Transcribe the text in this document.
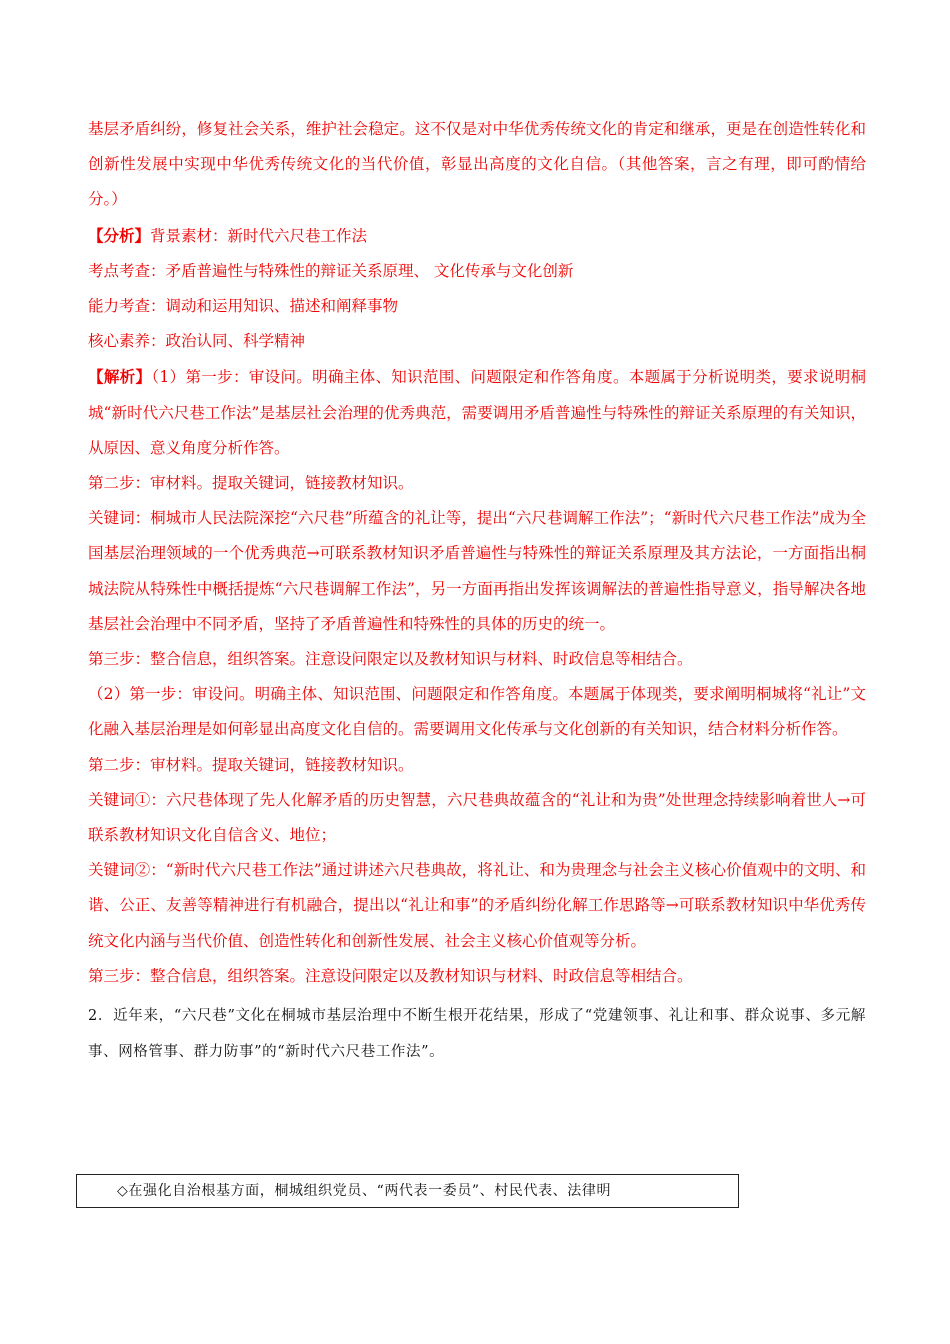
基层矛盾纠纷，修复社会关系，维护社会稳定。这不仅是对中华优秀传统文化的肯定和继承，更是在创造性转化和创新性发展中实现中华优秀传统文化的当代价值，彰显出高度的文化自信。（其他答案，言之有理，即可酌情给分。）

【分析】背景素材：新时代六尺巷工作法

考点考查：矛盾普遍性与特殊性的辩证关系原理、 文化传承与文化创新

能力考查：调动和运用知识、描述和阐释事物

核心素养：政治认同、科学精神

【解析】（1）第一步：审设问。明确主体、知识范围、问题限定和作答角度。本题属于分析说明类，要求说明桐城“新时代六尺巷工作法”是基层社会治理的优秀典范，需要调用矛盾普遍性与特殊性的辩证关系原理的有关知识，从原因、意义角度分析作答。

第二步：审材料。提取关键词，链接教材知识。

关键词：桐城市人民法院深挖“六尺巷”所蕴含的礼让等，提出“六尺巷调解工作法”；“新时代六尺巷工作法”成为全国基层治理领域的一个优秀典范→可联系教材知识矛盾普遍性与特殊性的辩证关系原理及其方法论，一方面指出桐城法院从特殊性中概括提炼“六尺巷调解工作法”，另一方面再指出发挥该调解法的普遍性指导意义，指导解决各地基层社会治理中不同矛盾，坚持了矛盾普遍性和特殊性的具体的历史的统一。

第三步：整合信息，组织答案。注意设问限定以及教材知识与材料、时政信息等相结合。

（2）第一步：审设问。明确主体、知识范围、问题限定和作答角度。本题属于体现类，要求阐明桐城将“礼让”文化融入基层治理是如何彰显出高度文化自信的。需要调用文化传承与文化创新的有关知识，结合材料分析作答。

第二步：审材料。提取关键词，链接教材知识。

关键词①：六尺巷体现了先人化解矛盾的历史智慧，六尺巷典故蕴含的“礼让和为贵”处世理念持续影响着世人→可联系教材知识文化自信含义、地位；

关键词②：“新时代六尺巷工作法”通过讲述六尺巷典故，将礼让、和为贵理念与社会主义核心价值观中的文明、和谐、公正、友善等精神进行有机融合，提出以“礼让和事”的矛盾纠纷化解工作思路等→可联系教材知识中华优秀传统文化内涵与当代价值、创造性转化和创新性发展、社会主义核心价值观等分析。

第三步：整合信息，组织答案。注意设问限定以及教材知识与材料、时政信息等相结合。

2．近年来，“六尺巷”文化在桐城市基层治理中不断生根开花结果，形成了“党建领事、礼让和事、群众说事、多元解事、网格管事、群力防事”的“新时代六尺巷工作法”。

◇在强化自治根基方面，桐城组织党员、“两代表一委员”、村民代表、法律明
